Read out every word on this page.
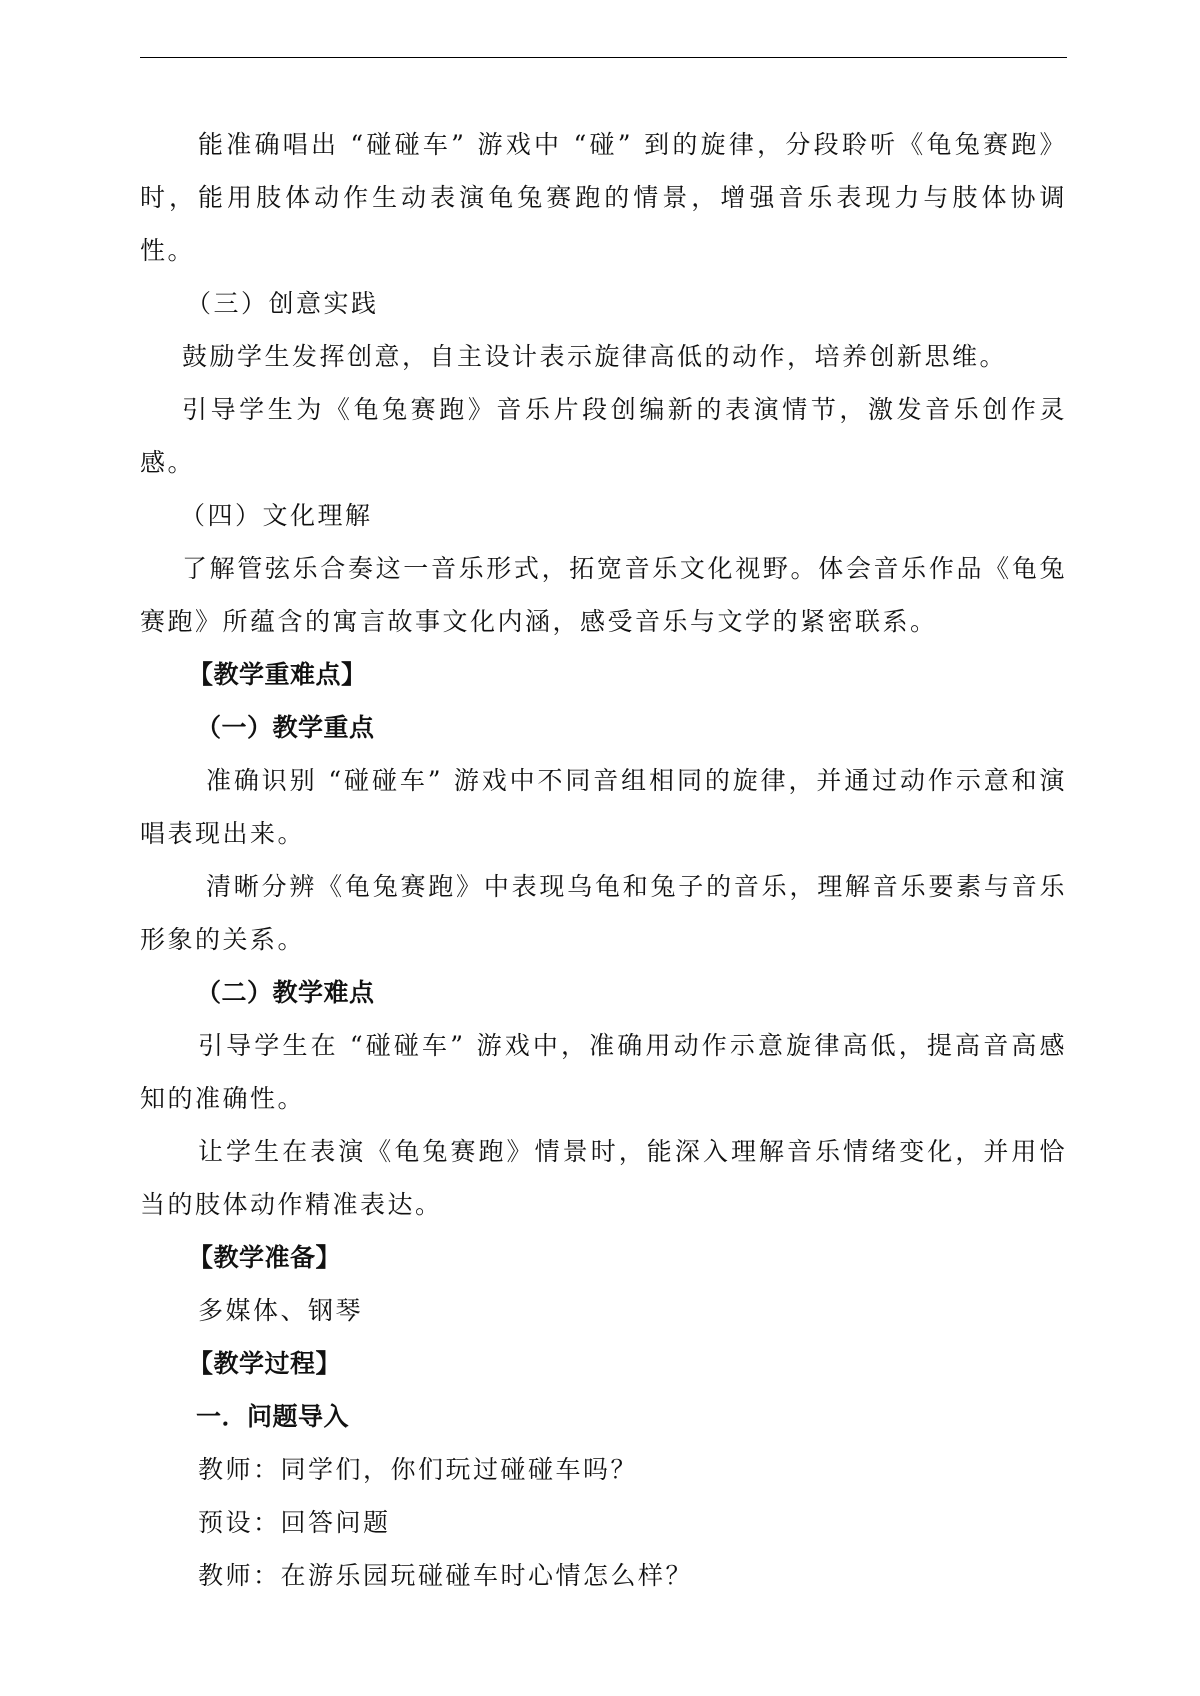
能准确唱出 “碰碰车” 游戏中 “碰” 到的旋律，分段聆听《龟兔赛跑》时，能用肢体动作生动表演龟兔赛跑的情景，增强音乐表现力与肢体协调性。

（三）创意实践

鼓励学生发挥创意，自主设计表示旋律高低的动作，培养创新思维。

引导学生为《龟兔赛跑》音乐片段创编新的表演情节，激发音乐创作灵感。

（四）文化理解

了解管弦乐合奏这一音乐形式，拓宽音乐文化视野。体会音乐作品《龟兔赛跑》所蕴含的寓言故事文化内涵，感受音乐与文学的紧密联系。

【教学重难点】

（一）教学重点

准确识别 “碰碰车” 游戏中不同音组相同的旋律，并通过动作示意和演唱表现出来。

清晰分辨《龟兔赛跑》中表现乌龟和兔子的音乐，理解音乐要素与音乐形象的关系。

（二）教学难点

引导学生在 “碰碰车” 游戏中，准确用动作示意旋律高低，提高音高感知的准确性。

让学生在表演《龟兔赛跑》情景时，能深入理解音乐情绪变化，并用恰当的肢体动作精准表达。

【教学准备】

多媒体、钢琴

【教学过程】

一．问题导入

教师：同学们，你们玩过碰碰车吗？

预设：回答问题

教师：在游乐园玩碰碰车时心情怎么样？
